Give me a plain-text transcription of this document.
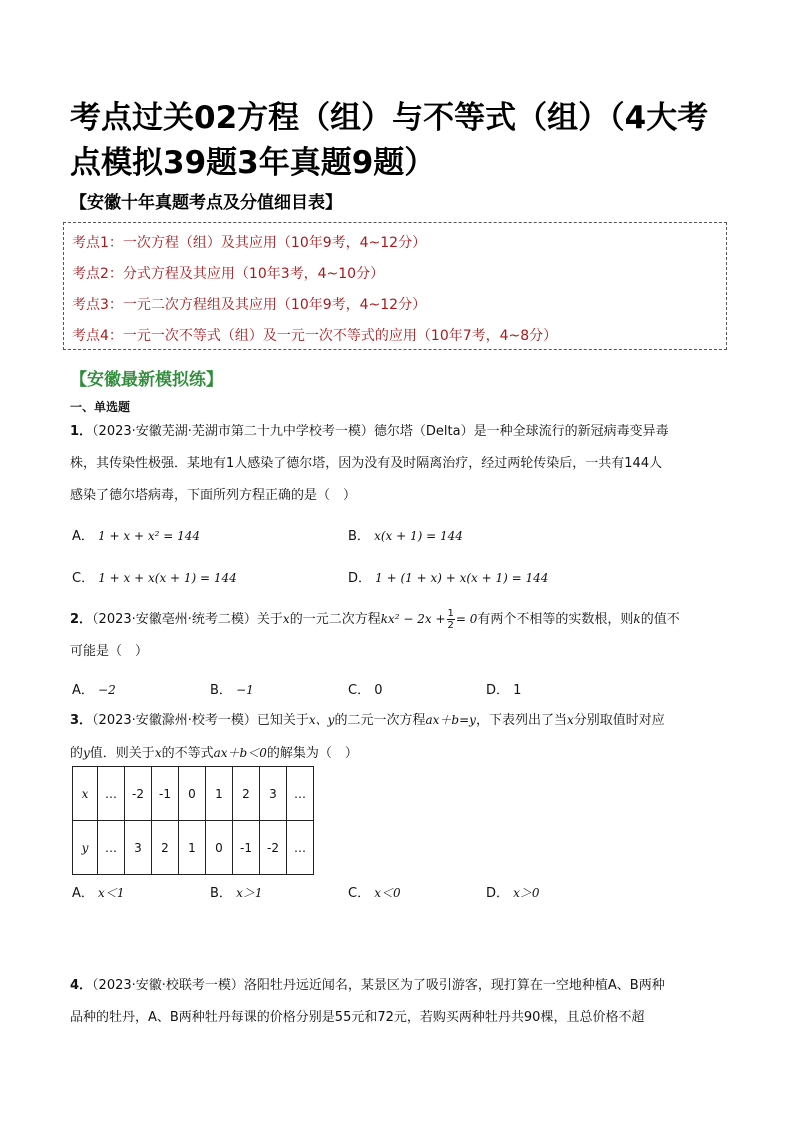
考点过关02方程（组）与不等式（组）（4大考点模拟39题3年真题9题）
【安徽十年真题考点及分值细目表】
考点1：一次方程（组）及其应用（10年9考，4~12分）
考点2：分式方程及其应用（10年3考，4~10分）
考点3：一元二次方程组及其应用（10年9考，4~12分）
考点4：一元一次不等式（组）及一元一次不等式的应用（10年7考，4~8分）
【安徽最新模拟练】
一、单选题
1．（2023·安徽芜湖·芜湖市第二十九中学校考一模）德尔塔（Delta）是一种全球流行的新冠病毒变异毒
株，其传染性极强．某地有1人感染了德尔塔，因为没有及时隔离治疗，经过两轮传染后，一共有144人
感染了德尔塔病毒，下面所列方程正确的是（　）
A． 1 + x + x² = 144	B． x(x + 1) = 144
C． 1 + x + x(x + 1) = 144	D． 1 + (1 + x) + x(x + 1) = 144
2．（2023·安徽亳州·统考二模）关于x的一元二次方程$kx^2 - 2x + \frac{1}{2} = 0$有两个不相等的实数根，则k的值不
可能是（　）
A． −2	B． −1	C． 0	D． 1
3．（2023·安徽滁州·校考一模）已知关于x、y的二元一次方程ax＋b=y，下表列出了当x分别取值时对应
的y值．则关于x的不等式ax＋b＜0的解集为（　）
x	…	-2	-1	0	1	2	3	…
y	…	3	2	1	0	-1	-2	…
A． x＜1	B． x＞1	C． x＜0	D． x＞0
4．（2023·安徽·校联考一模）洛阳牡丹远近闻名，某景区为了吸引游客，现打算在一空地种植A、B两种
品种的牡丹，A、B两种牡丹每课的价格分别是55元和72元，若购买两种牡丹共90棵，且总价格不超
